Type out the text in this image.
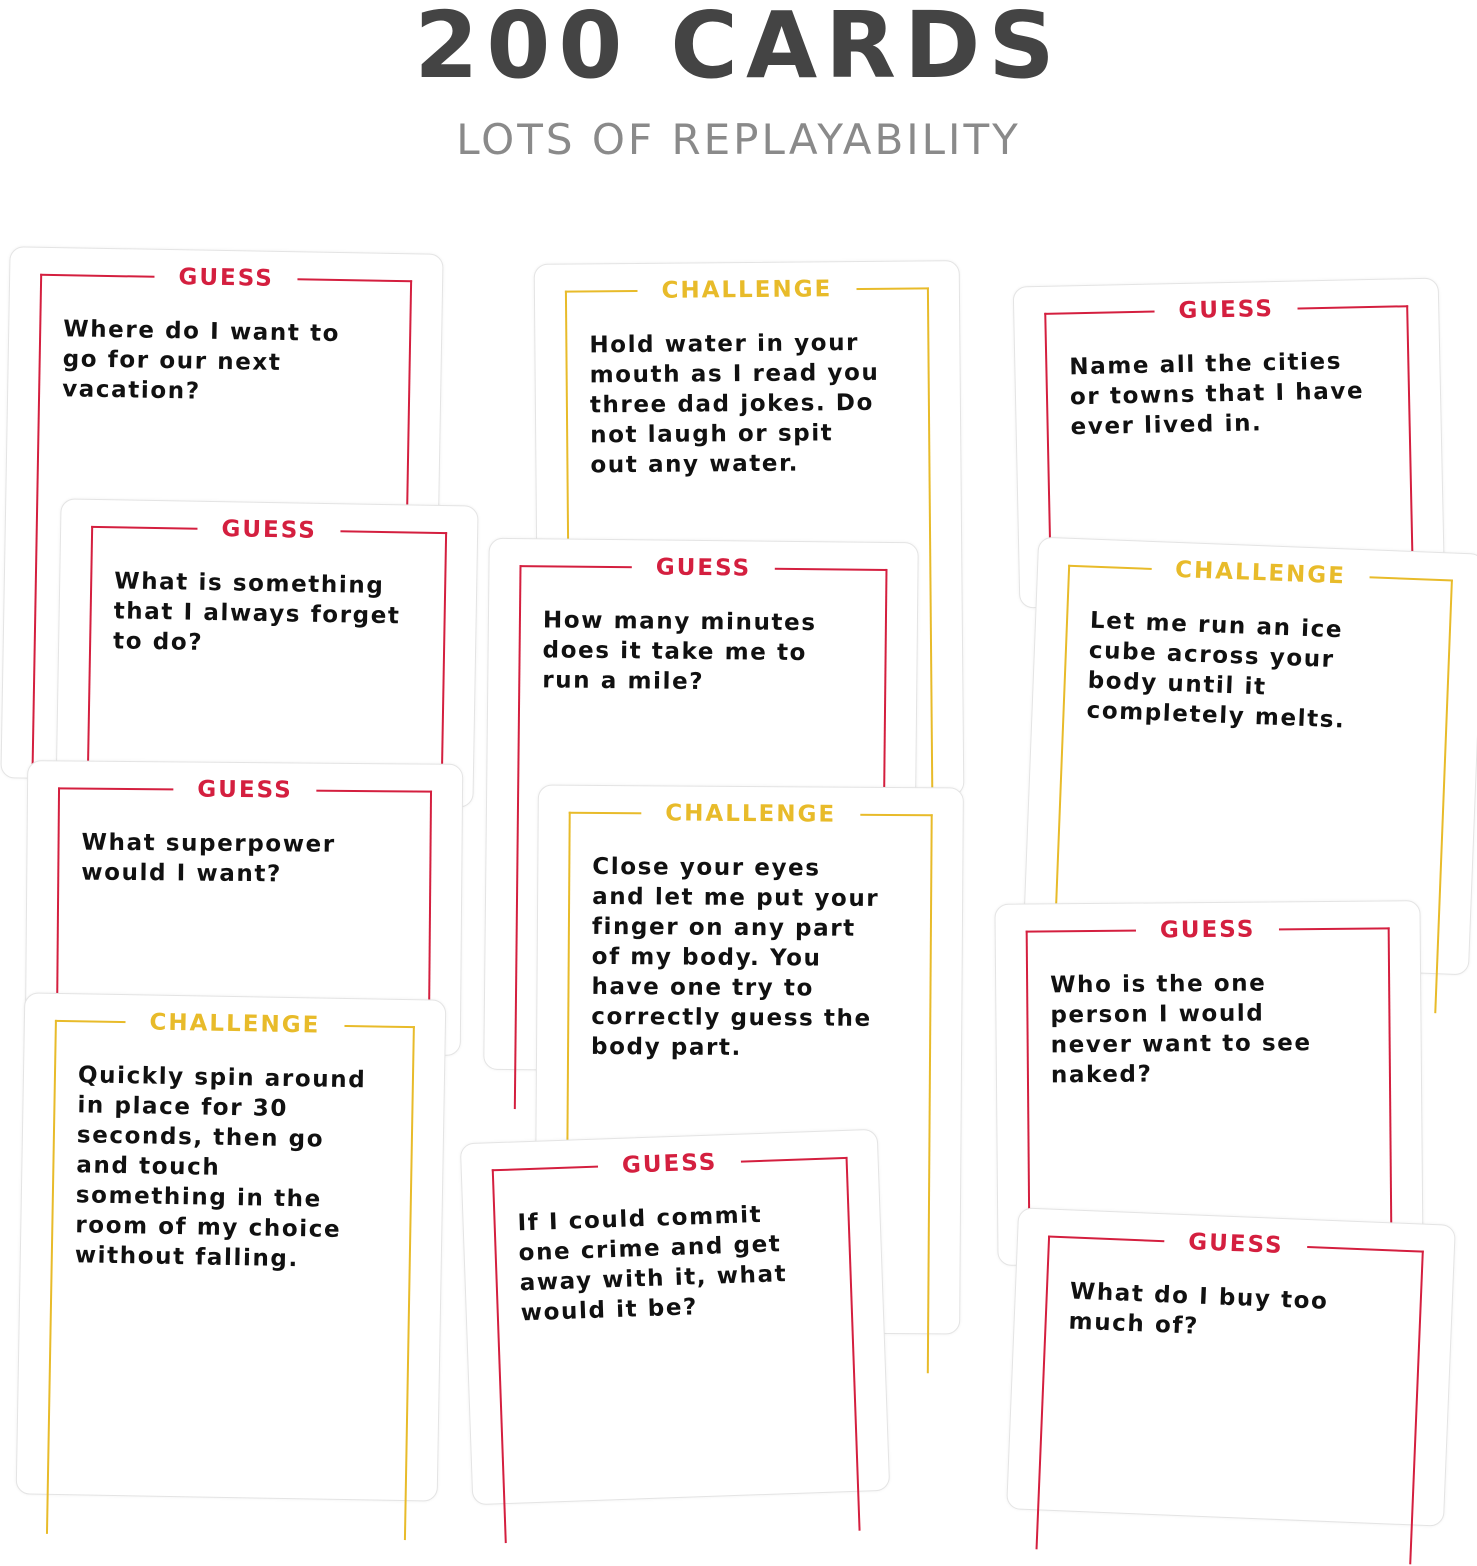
200 CARDS
LOTS OF REPLAYABILITY
GUESS
Where do I want to
go for our next
vacation?
GUESS
What is something
that I always forget
to do?
GUESS
What superpower
would I want?
CHALLENGE
Quickly spin around
in place for 30
seconds, then go
and touch
something in the
room of my choice
without falling.
CHALLENGE
Hold water in your
mouth as I read you
three dad jokes. Do
not laugh or spit
out any water.
GUESS
How many minutes
does it take me to
run a mile?
CHALLENGE
Close your eyes
and let me put your
finger on any part
of my body. You
have one try to
correctly guess the
body part.
GUESS
If I could commit
one crime and get
away with it, what
would it be?
GUESS
Name all the cities
or towns that I have
ever lived in.
CHALLENGE
Let me run an ice
cube across your
body until it
completely melts.
GUESS
Who is the one
person I would
never want to see
naked?
GUESS
What do I buy too
much of?
